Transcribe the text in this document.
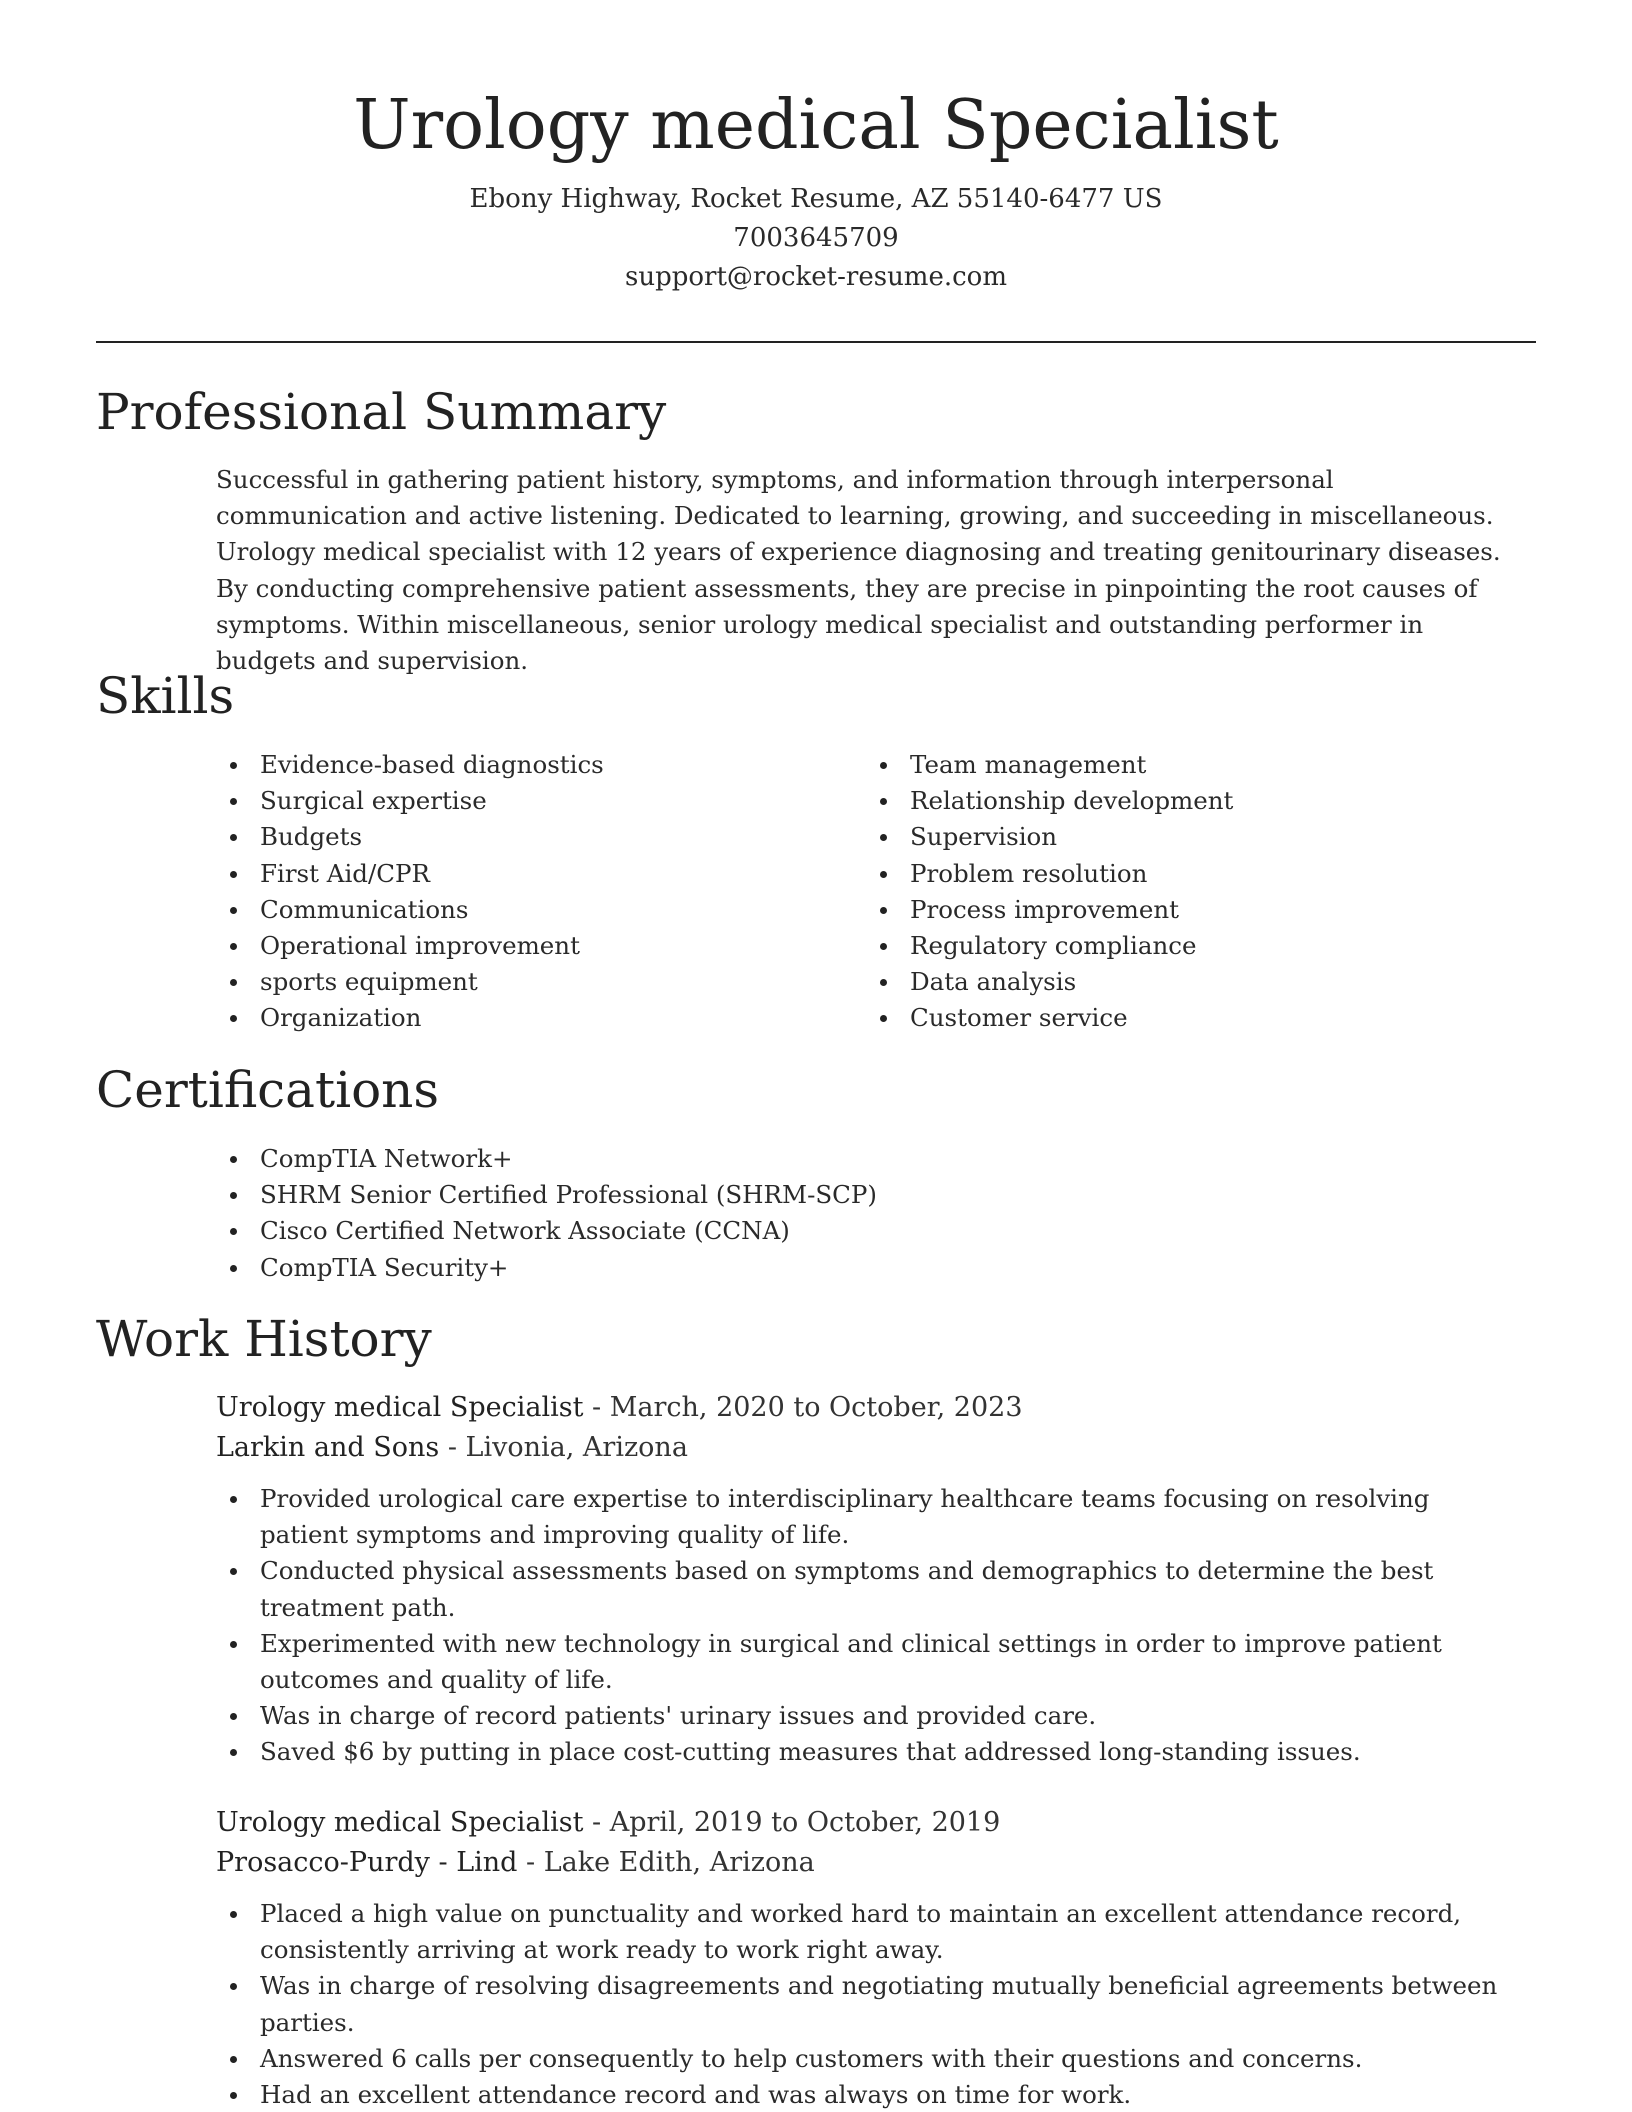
Urology medical Specialist

Ebony Highway, Rocket Resume, AZ 55140-6477 US

7003645709

support@rocket-resume.com

Professional Summary

Successful in gathering patient history, symptoms, and information through interpersonal communication and active listening. Dedicated to learning, growing, and succeeding in miscellaneous. Urology medical specialist with 12 years of experience diagnosing and treating genitourinary diseases. By conducting comprehensive patient assessments, they are precise in pinpointing the root causes of symptoms. Within miscellaneous, senior urology medical specialist and outstanding performer in budgets and supervision.

Skills
Evidence-based diagnostics
Surgical expertise
Budgets
First Aid/CPR
Communications
Operational improvement
sports equipment
Organization
Team management
Relationship development
Supervision
Problem resolution
Process improvement
Regulatory compliance
Data analysis
Customer service
Certifications
CompTIA Network+
SHRM Senior Certified Professional (SHRM-SCP)
Cisco Certified Network Associate (CCNA)
CompTIA Security+
Work History

Urology medical Specialist - March, 2020 to October, 2023

Larkin and Sons - Livonia, Arizona

Provided urological care expertise to interdisciplinary healthcare teams focusing on resolving patient symptoms and improving quality of life.
Conducted physical assessments based on symptoms and demographics to determine the best treatment path.
Experimented with new technology in surgical and clinical settings in order to improve patient outcomes and quality of life.
Was in charge of record patients' urinary issues and provided care.
Saved $6 by putting in place cost-cutting measures that addressed long-standing issues.

Urology medical Specialist - April, 2019 to October, 2019

Prosacco-Purdy - Lind - Lake Edith, Arizona

Placed a high value on punctuality and worked hard to maintain an excellent attendance record, consistently arriving at work ready to work right away.
Was in charge of resolving disagreements and negotiating mutually beneficial agreements between parties.
Answered 6 calls per consequently to help customers with their questions and concerns.
Had an excellent attendance record and was always on time for work.
